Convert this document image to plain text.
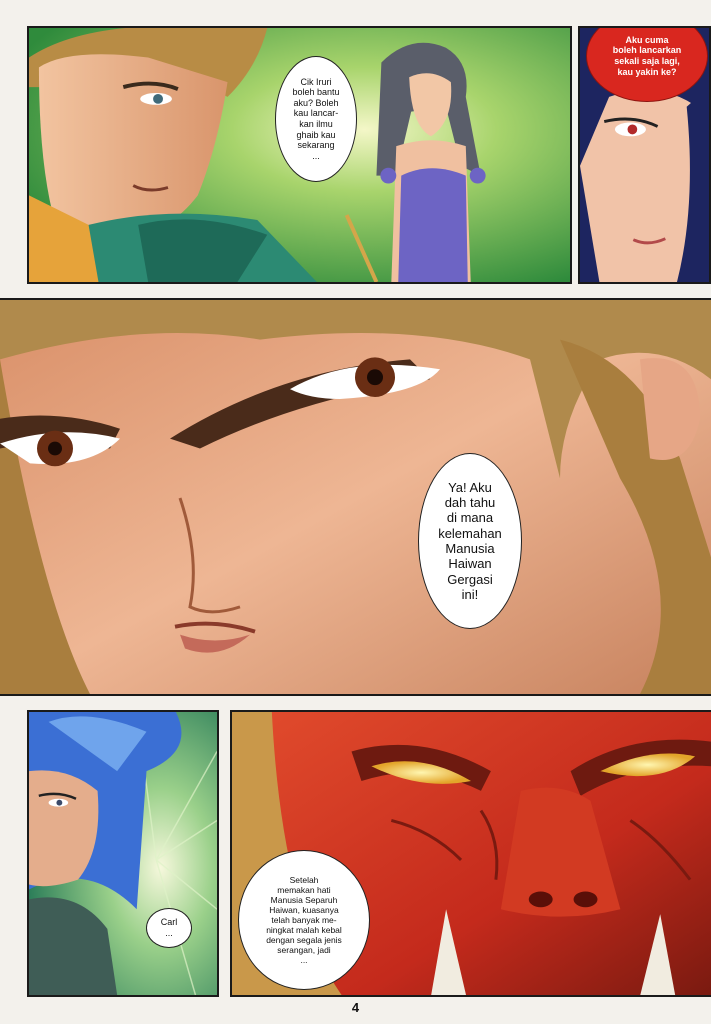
Cik Iruri
boleh bantu
aku? Boleh
kau lancar-
kan ilmu
ghaib kau
sekarang
...
Aku cuma
boleh lancarkan
sekali saja lagi,
kau yakin ke?
Ya! Aku
dah tahu
di mana
kelemahan
Manusia
Haiwan
Gergasi
ini!
Carl
...
Setelah
memakan hati
Manusia Separuh
Haiwan, kuasanya
telah banyak me-
ningkat malah kebal
dengan segala jenis
serangan, jadi
...
4
